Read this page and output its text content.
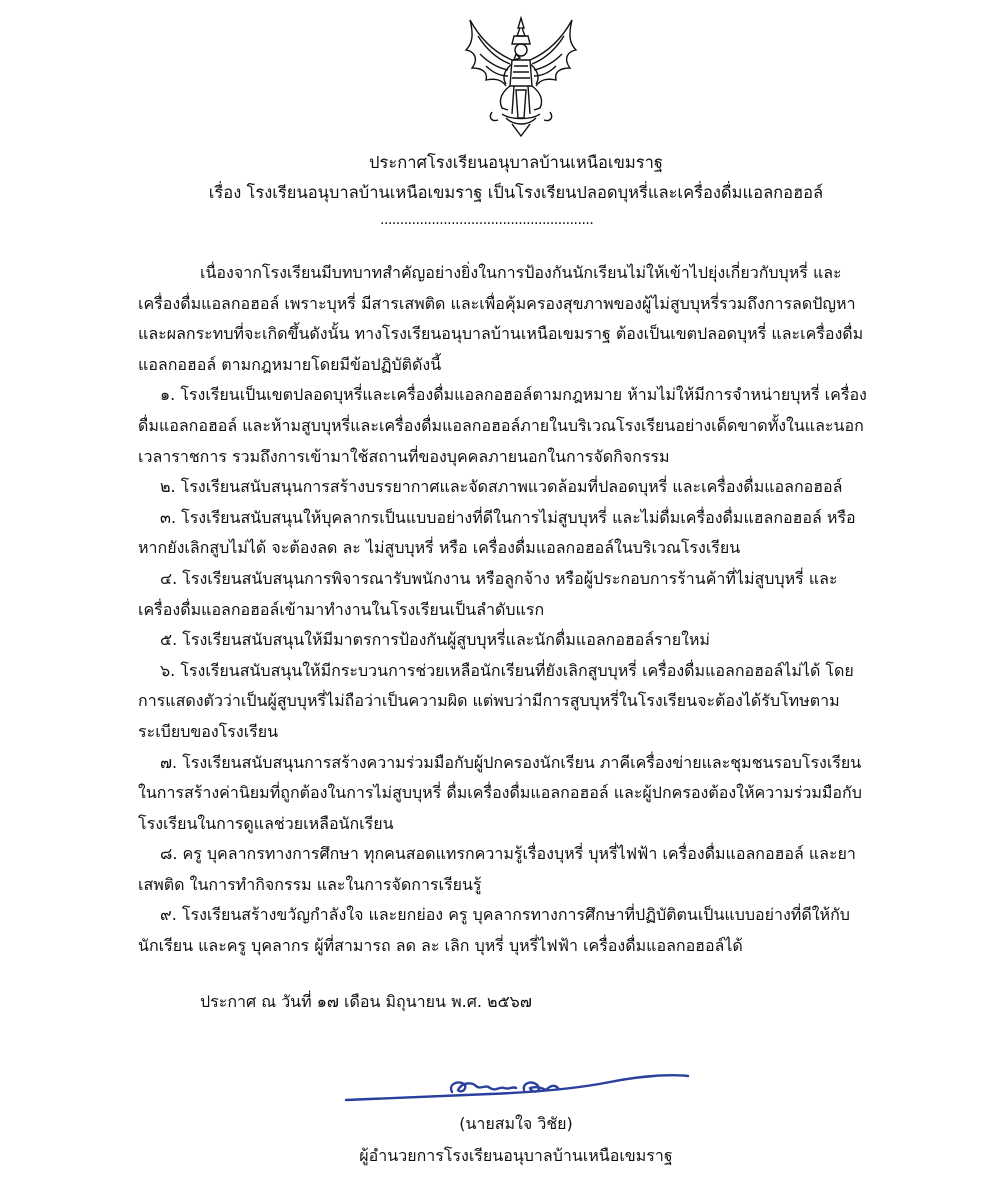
ประกาศโรงเรียนอนุบาลบ้านเหนือเขมราฐ
เรื่อง โรงเรียนอนุบาลบ้านเหนือเขมราฐ เป็นโรงเรียนปลอดบุหรี่และเครื่องดื่มแอลกอฮอล์
......................................................

เนื่องจากโรงเรียนมีบทบาทสำคัญอย่างยิ่งในการป้องกันนักเรียนไม่ให้เข้าไปยุ่งเกี่ยวกับบุหรี่ และเครื่องดื่มแอลกอฮอล์ เพราะบุหรี่ มีสารเสพติด และเพื่อคุ้มครองสุขภาพของผู้ไม่สูบบุหรี่รวมถึงการลดปัญหาและผลกระทบที่จะเกิดขึ้นดังนั้น ทางโรงเรียนอนุบาลบ้านเหนือเขมราฐ ต้องเป็นเขตปลอดบุหรี่ และเครื่องดื่มแอลกอฮอล์ ตามกฎหมายโดยมีข้อปฏิบัติดังนี้

๑. โรงเรียนเป็นเขตปลอดบุหรี่และเครื่องดื่มแอลกอฮอล์ตามกฎหมาย ห้ามไม่ให้มีการจำหน่ายบุหรี่ เครื่องดื่มแอลกอฮอล์ และห้ามสูบบุหรี่และเครื่องดื่มแอลกอฮอล์ภายในบริเวณโรงเรียนอย่างเด็ดขาดทั้งในและนอกเวลาราชการ รวมถึงการเข้ามาใช้สถานที่ของบุคคลภายนอกในการจัดกิจกรรม

๒. โรงเรียนสนับสนุนการสร้างบรรยากาศและจัดสภาพแวดล้อมที่ปลอดบุหรี่ และเครื่องดื่มแอลกอฮอล์

๓. โรงเรียนสนับสนุนให้บุคลากรเป็นแบบอย่างที่ดีในการไม่สูบบุหรี่ และไม่ดื่มเครื่องดื่มแฮลกอฮอล์ หรือหากยังเลิกสูบไม่ได้ จะต้องลด ละ ไม่สูบบุหรี่ หรือ เครื่องดื่มแอลกอฮอล์ในบริเวณโรงเรียน

๔. โรงเรียนสนับสนุนการพิจารณารับพนักงาน หรือลูกจ้าง หรือผู้ประกอบการร้านค้าที่ไม่สูบบุหรี่ และเครื่องดื่มแอลกอฮอล์เข้ามาทำงานในโรงเรียนเป็นลำดับแรก

๕. โรงเรียนสนับสนุนให้มีมาตรการป้องกันผู้สูบบุหรี่และนักดื่มแอลกอฮอล์รายใหม่

๖. โรงเรียนสนับสนุนให้มีกระบวนการช่วยเหลือนักเรียนที่ยังเลิกสูบบุหรี่ เครื่องดื่มแอลกอฮอล์ไม่ได้ โดยการแสดงตัวว่าเป็นผู้สูบบุหรี่ไม่ถือว่าเป็นความผิด แต่พบว่ามีการสูบบุหรี่ในโรงเรียนจะต้องได้รับโทษตามระเบียบของโรงเรียน

๗. โรงเรียนสนับสนุนการสร้างความร่วมมือกับผู้ปกครองนักเรียน ภาคีเครื่องข่ายและชุมชนรอบโรงเรียนในการสร้างค่านิยมที่ถูกต้องในการไม่สูบบุหรี่ ดื่มเครื่องดื่มแอลกอฮอล์ และผู้ปกครองต้องให้ความร่วมมือกับโรงเรียนในการดูแลช่วยเหลือนักเรียน

๘. ครู บุคลากรทางการศึกษา ทุกคนสอดแทรกความรู้เรื่องบุหรี่ บุหรี่ไฟฟ้า เครื่องดื่มแอลกอฮอล์ และยาเสพติด ในการทำกิจกรรม และในการจัดการเรียนรู้

๙. โรงเรียนสร้างขวัญกำลังใจ และยกย่อง ครู บุคลากรทางการศึกษาที่ปฏิบัติตนเป็นแบบอย่างที่ดีให้กับนักเรียน และครู บุคลากร ผู้ที่สามารถ ลด ละ เลิก บุหรี่ บุหรี่ไฟฟ้า เครื่องดื่มแอลกอฮอล์ได้

ประกาศ ณ วันที่ ๑๗ เดือน มิถุนายน พ.ศ. ๒๕๖๗
(นายสมใจ วิชัย)
ผู้อำนวยการโรงเรียนอนุบาลบ้านเหนือเขมราฐ
